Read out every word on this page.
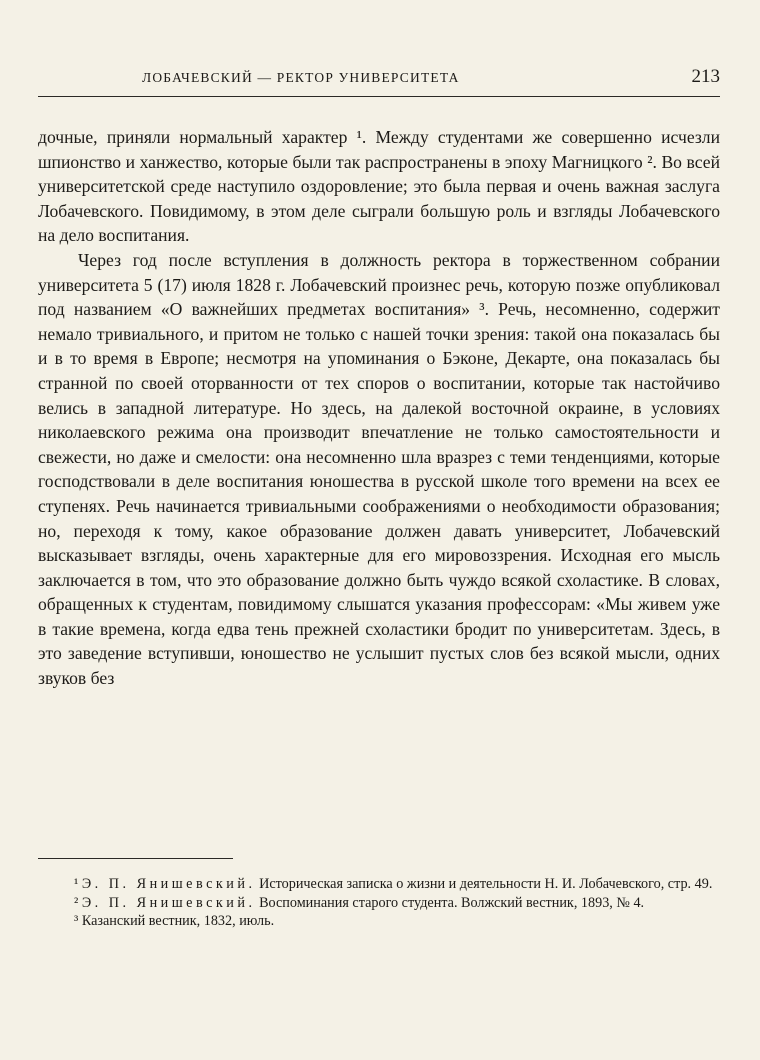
ЛОБАЧЕВСКИЙ — РЕКТОР УНИВЕРСИТЕТА	213

дочные, приняли нормальный характер ¹. Между студентами же совершенно исчезли шпионство и ханжество, которые были так распространены в эпоху Магницкого ². Во всей университетской среде наступило оздоровление; это была первая и очень важная заслуга Лобачевского. Повидимому, в этом деле сыграли большую роль и взгляды Лобачевского на дело воспитания.

Через год после вступления в должность ректора в торжественном собрании университета 5 (17) июля 1828 г. Лобачевский произнес речь, которую позже опубликовал под названием «О важнейших предметах воспитания» ³. Речь, несомненно, содержит немало тривиального, и притом не только с нашей точки зрения: такой она показалась бы и в то время в Европе; несмотря на упоминания о Бэконе, Декарте, она показалась бы странной по своей оторванности от тех споров о воспитании, которые так настойчиво велись в западной литературе. Но здесь, на далекой восточной окраине, в условиях николаевского режима она производит впечатление не только самостоятельности и свежести, но даже и смелости: она несомненно шла вразрез с теми тенденциями, которые господствовали в деле воспитания юношества в русской школе того времени на всех ее ступенях. Речь начинается тривиальными соображениями о необходимости образования; но, переходя к тому, какое образование должен давать университет, Лобачевский высказывает взгляды, очень характерные для его мировоззрения. Исходная его мысль заключается в том, что это образование должно быть чуждо всякой схоластике. В словах, обращенных к студентам, повидимому слышатся указания профессорам: «Мы живем уже в такие времена, когда едва тень прежней схоластики бродит по университетам. Здесь, в это заведение вступивши, юношество не услышит пустых слов без всякой мысли, одних звуков без

¹ Э. П. Янишевский. Историческая записка о жизни и деятельности Н. И. Лобачевского, стр. 49.

² Э. П. Янишевский. Воспоминания старого студента. Волжский вестник, 1893, № 4.

³ Казанский вестник, 1832, июль.
